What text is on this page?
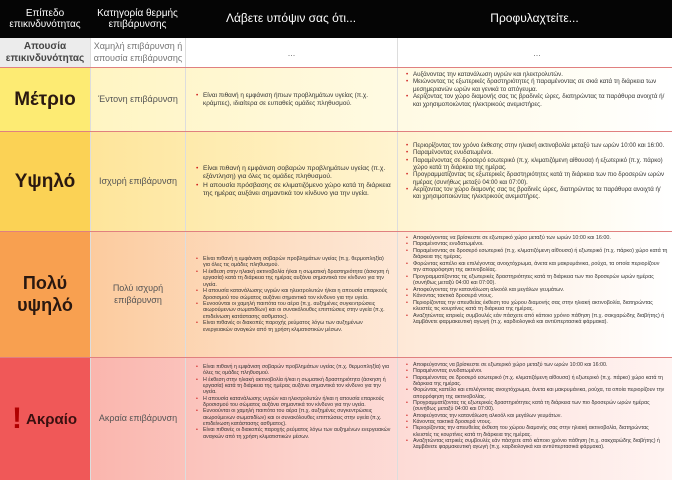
Επίπεδο επικινδυνότητας
Κατηγορία θερμής επιβάρυνσης	Λάβετε υπόψιν σας ότι...	Προφυλαχτείτε...
Απουσία επικινδυνότητας
Χαμηλή επιβάρυνση ή απουσία επιβάρυνσης	...	...
Μέτριο	Έντονη επιβάρυνση
•	Είναι πιθανή η εμφάνιση ήπιων προβλημάτων υγείας (π.χ. κράμπες), ιδιαίτερα σε ευπαθείς ομάδες πληθυσμού.
• Αυξάνοντας την κατανάλωση υγρών και ηλεκτρολυτών.
• Μειώνοντας τις εξωτερικές δραστηριότητες ή παραμένοντας σε σκιά κατά τη διάρκεια των μεσημεριανών ωρών και γενικά το απόγευμα.
• Αερίζοντας τον χώρο διαμονής σας τις βραδινές ώρες, διατηρώντας τα παράθυρα ανοιχτά ή/και χρησιμοποιώντας ηλεκτρικούς ανεμιστήρες.
Υψηλό	Ισχυρή επιβάρυνση
• Είναι πιθανή η εμφάνιση σοβαρών προβλημάτων υγείας (π.χ. εξάντληση) για όλες τις ομάδες πληθυσμού.
• Η απουσία πρόσβασης σε κλιματιζόμενο χώρο κατά τη διάρκεια της ημέρας αυξάνει σημαντικά τον κίνδυνο για την υγεία.
• Περιορίζοντας τον χρόνο έκθεσης στην ηλιακή ακτινοβολία μεταξύ των ωρών 10:00 και 16:00.
• Παραμένοντας ενυδατωμένοι.
• Παραμένοντας σε δροσερό εσωτερικό (π.χ. κλιματιζόμενη αίθουσα) ή εξωτερικό (π.χ. πάρκο) χώρο κατά τη διάρκεια της ημέρας.
• Προγραμματίζοντας τις εξωτερικές δραστηριότητες κατά τη διάρκεια των πιο δροσερών ωρών ημέρας (συνήθως μεταξύ 04:00 και 07:00).
• Αερίζοντας τον χώρο διαμονής σας τις βραδινές ώρες, διατηρώντας τα παράθυρα ανοιχτά ή/και χρησιμοποιώντας ηλεκτρικούς ανεμιστήρες.
Πολύ υψηλό
Πολύ ισχυρή επιβάρυνση
• Είναι πιθανή η εμφάνιση σοβαρών προβλημάτων υγείας (π.χ. θερμοπληξία) για όλες τις ομάδες πληθυσμού.
• Η έκθεση στην ηλιακή ακτινοβολία ή/και η σωματική δραστηριότητα (άσκηση ή εργασία) κατά τη διάρκεια της ημέρας αυξάνει σημαντικά τον κίνδυνο για την υγεία.
• Η απουσία κατανάλωσης υγρών και ηλεκτρολυτών ή/και η απουσία επαρκούς δροσισμού του σώματος αυξάνει σημαντικά τον κίνδυνο για την υγεία.
• Ευνοούνται οι χαμηλή παιπότα του αέρα (π.χ. αυξημένες συγκεντρώσεις αιωρούμενων σωματιδίων) και οι συνακόλουθες επιπτώσεις στην υγεία (π.χ. επιδείνωση κατάστασης ασθματος).
• Είναι πιθανές οι διακοπές παροχής ρεύματος λόγω των αυξημένων ενεργειακών αναγκών από τη χρήση κλιματιστικών μέσων.
• Αποφεύγοντας να βρίσκεστε σε εξωτερικό χώρο μεταξύ των ωρών 10:00 και 16:00.
• Παραμένοντας ενυδατωμένοι.
• Παραμένοντας σε δροσερό εσωτερικό (π.χ. κλιματιζόμενη αίθουσα) ή εξωτερικό (π.χ. πάρκο) χώρο κατά τη διάρκεια της ημέρας.
• Φορώντας καπέλο και επιλέγοντας ανοιχτόχρωμα, άνετα και μακρυμάνικα, ρούχα, τα οποία περιορίζουν την απορρόφηση της ακτινοβολίας.
• Προγραμματίζοντας τις εξωτερικές δραστηριότητες κατά τη διάρκεια των πιο δροσερών ωρών ημέρας (συνήθως μεταξύ 04:00 και 07:00).
• Αποφεύγοντας την κατανάλωση αλκοόλ και μεγάλων γευμάτων.
• Κάνοντας τακτικά δροσερά ντους.
• Περιορίζοντας την απευθείας έκθεση του χώρου διαμονής σας στην ηλιακή ακτινοβολία, διατηρώντας κλειστές τις κουρτίνες κατά τη διάρκεια της ημέρας.
• Αναζητώντας ιατρικές συμβουλές εάν πάσχετε από κάποιο χρόνιο πάθηση (π.χ. σακχαρώδης διαβήτης) ή λαμβάνετε φαρμακευτική αγωγή (π.χ. καρδιολογικά και αντιϋπερτασικά φάρμακα).
! Ακραίο	Ακραία επιβάρυνση
• Είναι πιθανή η εμφάνιση σοβαρών προβλημάτων υγείας (π.χ. θερμοπληξία) για όλες τις ομάδες πληθυσμού.
• Η έκθεση στην ηλιακή ακτινοβολία ή/και η σωματική δραστηριότητα (άσκηση ή εργασία) κατά τη διάρκεια της ημέρας αυξάνει σημαντικά τον κίνδυνο για την υγεία.
• Η απουσία κατανάλωσης υγρών και ηλεκτρολυτών ή/και η απουσία επαρκούς δροσισμού του σώματος αυξάνει σημαντικά τον κίνδυνο για την υγεία.
• Ευνοούνται οι χαμηλή παιπότα του αέρα (π.χ. αυξημένες συγκεντρώσεις αιωρούμενων σωματιδίων) και οι συνακόλουθες επιπτώσεις στην υγεία (π.χ. επιδείνωση κατάστασης ασθματος).
• Είναι πιθανές οι διακοπές παροχής ρεύματος λόγω των αυξημένων ενεργειακών αναγκών από τη χρήση κλιματιστικών μέσων.
• Αποφεύγοντας να βρίσκεστε σε εξωτερικό χώρο μεταξύ των ωρών 10:00 και 16:00.
• Παραμένοντας ενυδατωμένοι.
• Παραμένοντας σε δροσερό εσωτερικό (π.χ. κλιματιζόμενη αίθουσα) ή εξωτερικό (π.χ. πάρκο) χώρο κατά τη διάρκεια της ημέρας.
• Φορώντας καπέλο και επιλέγοντας ανοιχτόχρωμα, άνετα και μακρυμάνικα, ρούχα, τα οποία περιορίζουν την απορρόφηση της ακτινοβολίας.
• Προγραμματίζοντας τις εξωτερικές δραστηριότητες κατά τη διάρκεια των πιο δροσερών ωρών ημέρας (συνήθως μεταξύ 04:00 και 07:00).
• Αποφεύγοντας την κατανάλωση αλκοόλ και μεγάλων γευμάτων.
• Κάνοντας τακτικά δροσερά ντους.
• Περιορίζοντας την απευθείας έκθεση του χώρου διαμονής σας στην ηλιακή ακτινοβολία, διατηρώντας κλειστές τις κουρτίνες κατά τη διάρκεια της ημέρας.
• Αναζητώντας ιατρικές συμβουλές εάν πάσχετε από κάποιο χρόνιο πάθηση (π.χ. σακχαρώδης διαβήτης) ή λαμβάνετε φαρμακευτική αγωγή (π.χ. καρδιολογικά και αντιϋπερτασικά φάρμακα).
